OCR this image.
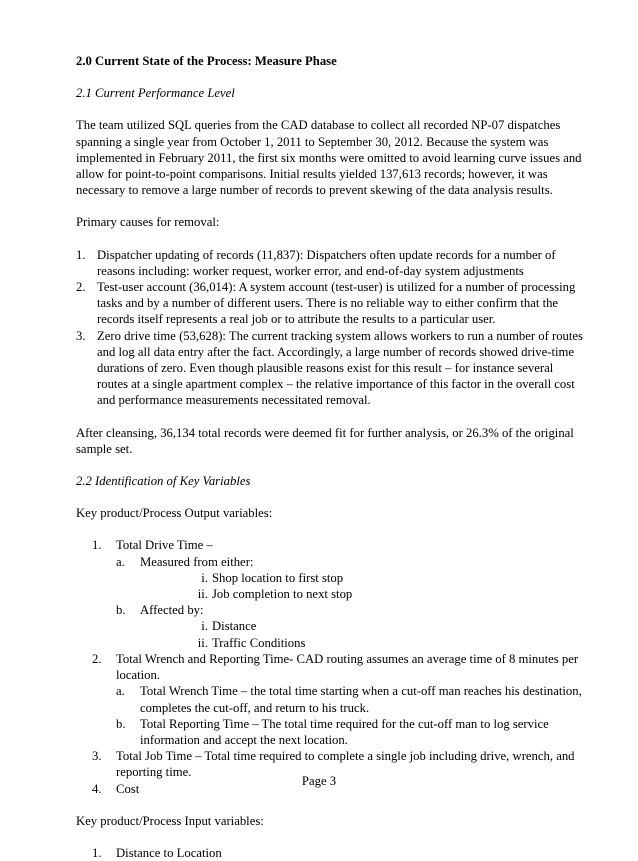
2.0 Current State of the Process: Measure Phase
2.1 Current Performance Level

The team utilized SQL queries from the CAD database to collect all recorded NP-07 dispatches spanning a single year from October 1, 2011 to September 30, 2012. Because the system was implemented in February 2011, the first six months were omitted to avoid learning curve issues and allow for point-to-point comparisons. Initial results yielded 137,613 records; however, it was necessary to remove a large number of records to prevent skewing of the data analysis results.

Primary causes for removal:

1. Dispatcher updating of records (11,837): Dispatchers often update records for a number of reasons including: worker request, worker error, and end-of-day system adjustments
2. Test-user account (36,014): A system account (test-user) is utilized for a number of processing tasks and by a number of different users. There is no reliable way to either confirm that the records itself represents a real job or to attribute the results to a particular user.
3. Zero drive time (53,628): The current tracking system allows workers to run a number of routes and log all data entry after the fact. Accordingly, a large number of records showed drive-time durations of zero. Even though plausible reasons exist for this result – for instance several routes at a single apartment complex – the relative importance of this factor in the overall cost and performance measurements necessitated removal.

After cleansing, 36,134 total records were deemed fit for further analysis, or 26.3% of the original sample set.

2.2 Identification of Key Variables

Key product/Process Output variables:

1. Total Drive Time –
a. Measured from either:
i. Shop location to first stop
ii. Job completion to next stop
b. Affected by:
i. Distance
ii. Traffic Conditions
2. Total Wrench and Reporting Time- CAD routing assumes an average time of 8 minutes per location.
a. Total Wrench Time – the total time starting when a cut-off man reaches his destination, completes the cut-off, and return to his truck.
b. Total Reporting Time – The total time required for the cut-off man to log service information and accept the next location.
3. Total Job Time – Total time required to complete a single job including drive, wrench, and reporting time.
4. Cost

Key product/Process Input variables:

1. Distance to Location
Page 3
